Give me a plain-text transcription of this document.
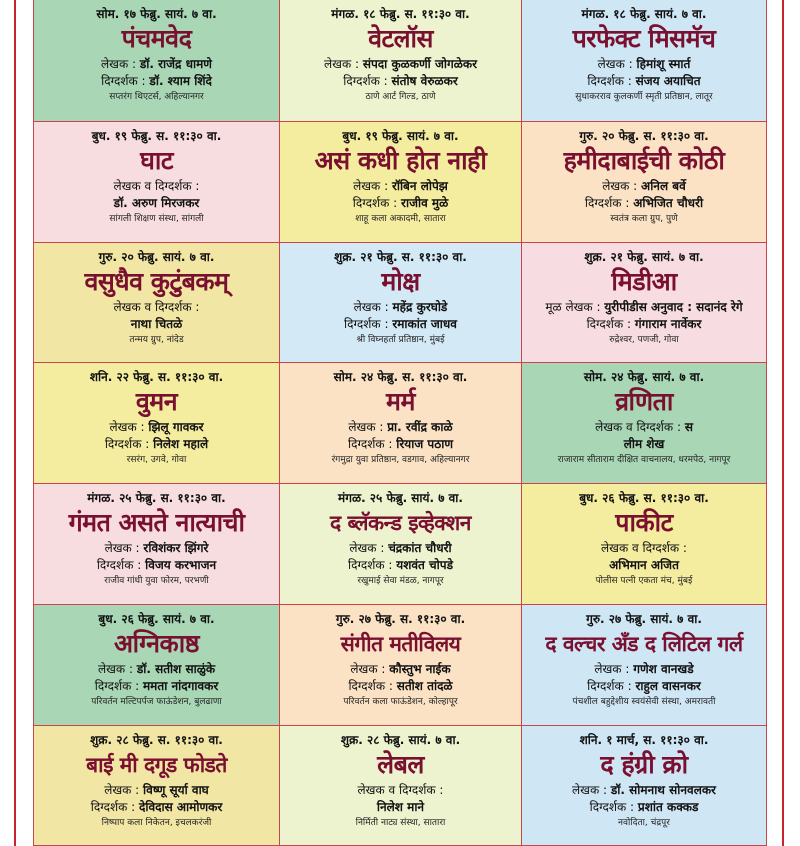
सोम. १७ फेब्रु. सायं. ७ वा.
पंचमवेद
लेखक : डॉ. राजेंद्र धामणे
दिग्दर्शक : डॉ. श्याम शिंदे
सप्तरंग थिएटर्स, अहिल्यानगर
मंगळ. १८ फेब्रु. स. ११:३० वा.
वेटलॉस
लेखक : संपदा कुळकर्णी जोगळेकर
दिग्दर्शक : संतोष वेरुळकर
ठाणे आर्ट गिल्ड, ठाणे
मंगळ. १८ फेब्रु. सायं. ७ वा.
परफेक्ट मिसमॅच
लेखक : हिमांशू स्मार्त
दिग्दर्शक : संजय अयाचित
सुधाकरराव कुलकर्णी स्मृती प्रतिष्ठान, लातूर
बुध. १९ फेब्रु. स. ११:३० वा.
घाट
लेखक व दिग्दर्शक :
डॉ. अरुण मिरजकर
सांगली शिक्षण संस्था, सांगली
बुध. १९ फेब्रु. सायं. ७ वा.
असं कधी होत नाही
लेखक : रॉबिन लोपेझ
दिग्दर्शक : राजीव मुळे
शाहू कला अकादमी, सातारा
गुरु. २० फेब्रु. स. ११:३० वा.
हमीदाबाईची कोठी
लेखक : अनिल बर्वे
दिग्दर्शक : अभिजित चौधरी
स्वतंत्र कला ग्रुप, पुणे
गुरु. २० फेब्रु. सायं. ७ वा.
वसुधैव कुटुंबकम्
लेखक व दिग्दर्शक :
नाथा चितळे
तन्मय ग्रुप, नांदेड
शुक्र. २१ फेब्रु. स. ११:३० वा.
मोक्ष
लेखक : महेंद्र कुरघोडे
दिग्दर्शक : रमाकांत जाधव
श्री विघ्नहर्ता प्रतिष्ठान, मुंबई
शुक्र. २१ फेब्रु. सायं. ७ वा.
मिडीआ
मूळ लेखक : युरीपीडीस अनुवाद : सदानंद रेगे
दिग्दर्शक : गंगाराम नार्वेकर
रुद्रेश्वर, पणजी, गोवा
शनि. २२ फेब्रु. स. ११:३० वा.
वुमन
लेखक : झिलू गावकर
दिग्दर्शक : निलेश महाले
रसरंग, उगवे, गोवा
सोम. २४ फेब्रु. स. ११:३० वा.
मर्म
लेखक : प्रा. रवींद्र काळे
दिग्दर्शक : रियाज पठाण
रंगमुद्रा युवा प्रतिष्ठान, वडगाव, अहिल्यानगर
सोम. २४ फेब्रु. सायं. ७ वा.
व्रणिता
लेखक व दिग्दर्शक : स
लीम शेख
राजाराम सीताराम दीक्षित वाचनालय, धरमपेठ, नागपूर
मंगळ. २५ फेब्रु. स. ११:३० वा.
गंमत असते नात्याची
लेखक : रविशंकर झिंगरे
दिग्दर्शक : विजय करभाजन
राजीव गांधी युवा फोरम, परभणी
मंगळ. २५ फेब्रु. सायं. ७ वा.
द ब्लॅकन्ड इव्हेक्शन
लेखक : चंद्रकांत चौधरी
दिग्दर्शक : यशवंत चोपडे
रखुमाई सेवा मंडळ, नागपूर
बुध. २६ फेब्रु. स. ११:३० वा.
पाकीट
लेखक व दिग्दर्शक :
अभिमान अजित
पोलीस पत्नी एकता मंच, मुंबई
बुध. २६ फेब्रु. सायं. ७ वा.
अग्निकाष्ठ
लेखक : डॉ. सतीश साळुंके
दिग्दर्शक : ममता नांदगावकर
परिवर्तन मल्टिपर्पज फाऊंडेशन, बुलढाणा
गुरु. २७ फेब्रु. स. ११:३० वा.
संगीत मतीविलय
लेखक : कौस्तुभ नाईक
दिग्दर्शक : सतीश तांदळे
परिवर्तन कला फाऊंडेशन, कोल्हापूर
गुरु. २७ फेब्रु. सायं. ७ वा.
द वल्चर अँड द लिटिल गर्ल
लेखक : गणेश वानखडे
दिग्दर्शक : राहुल वासनकर
पंचशील बहुद्देशीय स्वयंसेवी संस्था, अमरावती
शुक्र. २८ फेब्रु. स. ११:३० वा.
बाई मी दगूड फोडते
लेखक : विष्णू सूर्या वाघ
दिग्दर्शक : देविदास आमोणकर
निष्पाप कला निकेतन, इचलकरंजी
शुक्र. २८ फेब्रु. सायं. ७ वा.
लेबल
लेखक व दिग्दर्शक :
निलेश माने
निर्मिती नाट्य संस्था, सातारा
शनि. १ मार्च, स. ११:३० वा.
द हंग्री क्रो
लेखक : डॉ. सोमनाथ सोनवलकर
दिग्दर्शक : प्रशांत कक्कड
नवोदिता, चंद्रपूर
